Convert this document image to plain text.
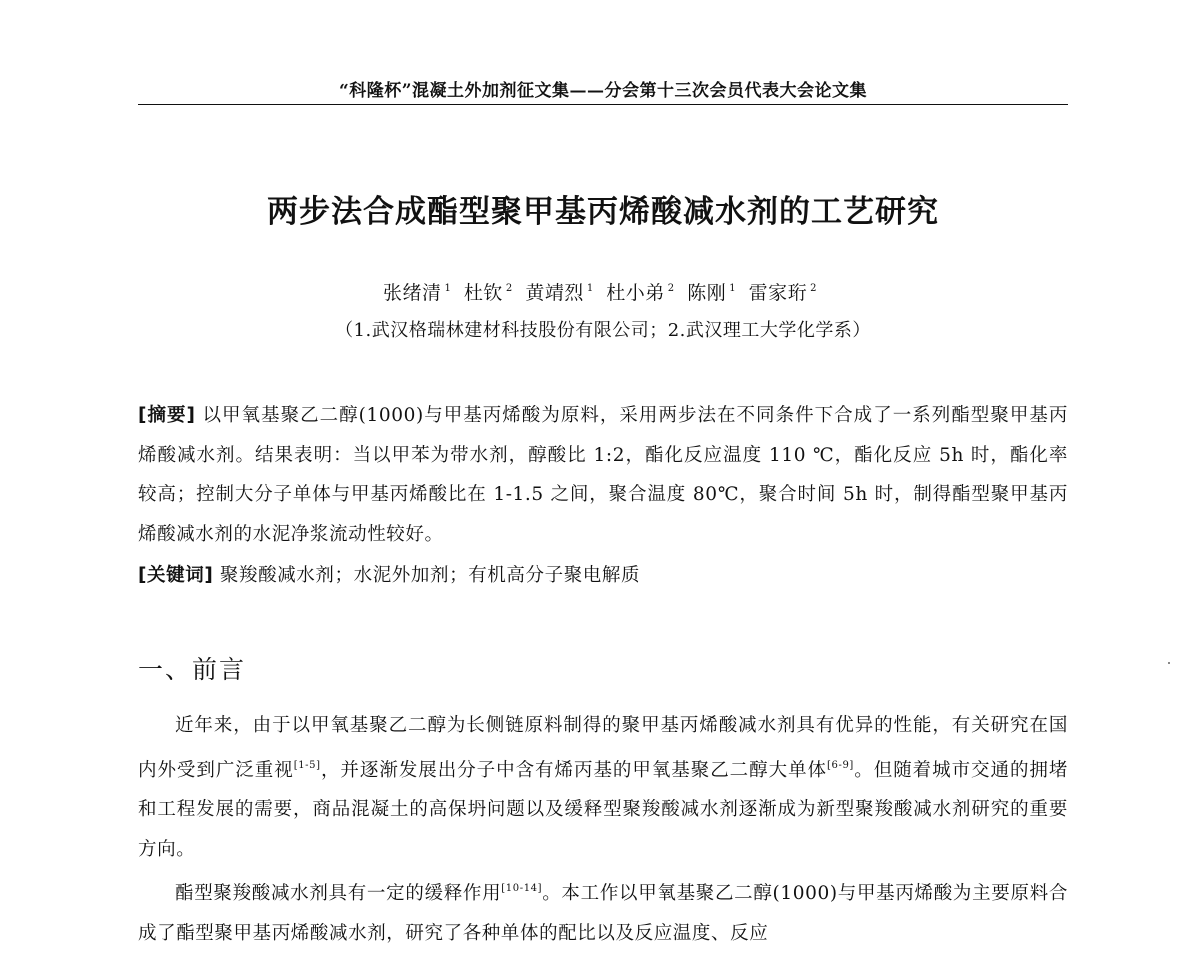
“科隆杯”混凝土外加剂征文集——分会第十三次会员代表大会论文集
两步法合成酯型聚甲基丙烯酸减水剂的工艺研究
张绪清 $^1$ 杜钦 $^2$ 黄靖烈 $^1$ 杜小弟 $^2$ 陈刚 $^1$ 雷家珩 $^2$
（1.武汉格瑞林建材科技股份有限公司；2.武汉理工大学化学系）
[摘要] 以甲氧基聚乙二醇(1000)与甲基丙烯酸为原料，采用两步法在不同条件下合成了一系列酯型聚甲基丙烯酸减水剂。结果表明：当以甲苯为带水剂，醇酸比 1:2，酯化反应温度 110 ℃，酯化反应 5h 时，酯化率较高；控制大分子单体与甲基丙烯酸比在 1-1.5 之间，聚合温度 80℃，聚合时间 5h 时，制得酯型聚甲基丙烯酸减水剂的水泥净浆流动性较好。
[关键词] 聚羧酸减水剂；水泥外加剂；有机高分子聚电解质
一、前言

近年来，由于以甲氧基聚乙二醇为长侧链原料制得的聚甲基丙烯酸减水剂具有优异的性能，有关研究在国内外受到广泛重视[1-5]，并逐渐发展出分子中含有烯丙基的甲氧基聚乙二醇大单体[6-9]。但随着城市交通的拥堵和工程发展的需要，商品混凝土的高保坍问题以及缓释型聚羧酸减水剂逐渐成为新型聚羧酸减水剂研究的重要方向。

酯型聚羧酸减水剂具有一定的缓释作用[10-14]。本工作以甲氧基聚乙二醇(1000)与甲基丙烯酸为主要原料合成了酯型聚甲基丙烯酸减水剂，研究了各种单体的配比以及反应温度、反应
